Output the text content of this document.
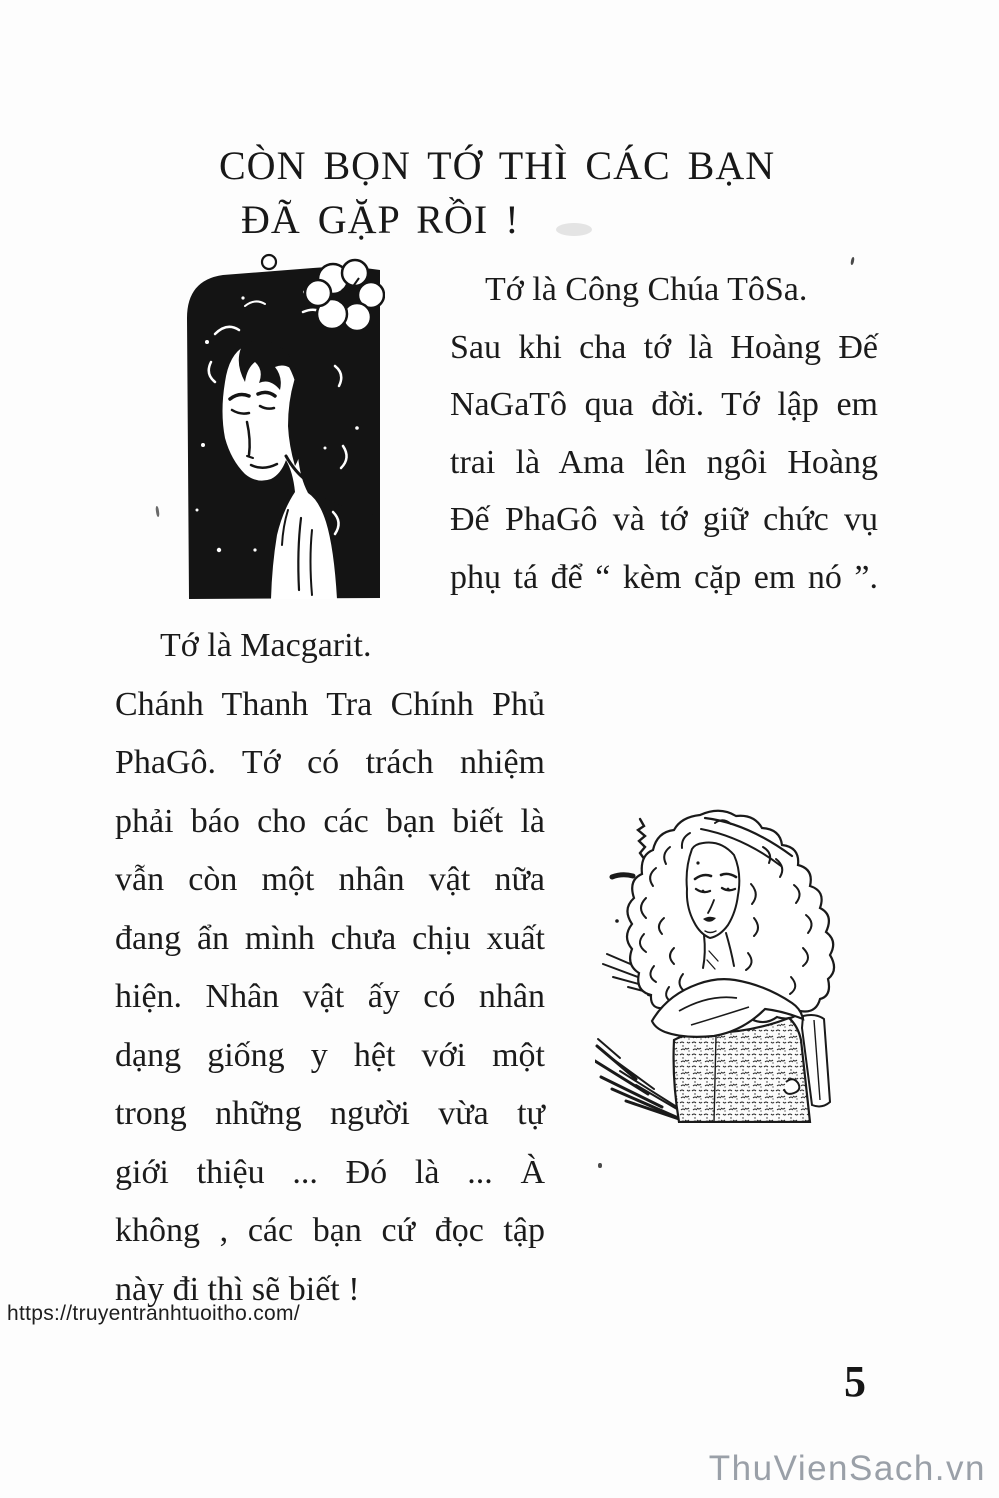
CÒN BỌN TỚ THÌ CÁC BẠN
ĐÃ GẶP RỒI !
Tớ là Công Chúa TôSa.
Sau khi cha tớ là Hoàng Đế
NaGaTô qua đời. Tớ lập em
trai là Ama lên ngôi Hoàng
Đế PhaGô và tớ giữ chức vụ
phụ tá để “ kèm cặp em nó ”.
Tớ là Macgarit.
Chánh Thanh Tra Chính Phủ
PhaGô. Tớ có trách nhiệm
phải báo cho các bạn biết là
vẫn còn một nhân vật nữa
đang ẩn mình chưa chịu xuất
hiện. Nhân vật ấy có nhân
dạng giống y hệt với một
trong những người vừa tự
giới thiệu ... Đó là ... À
không , các bạn cứ đọc tập
này đi thì sẽ biết !
https://truyentranhtuoitho.com/
5
ThuVienSach.vn
